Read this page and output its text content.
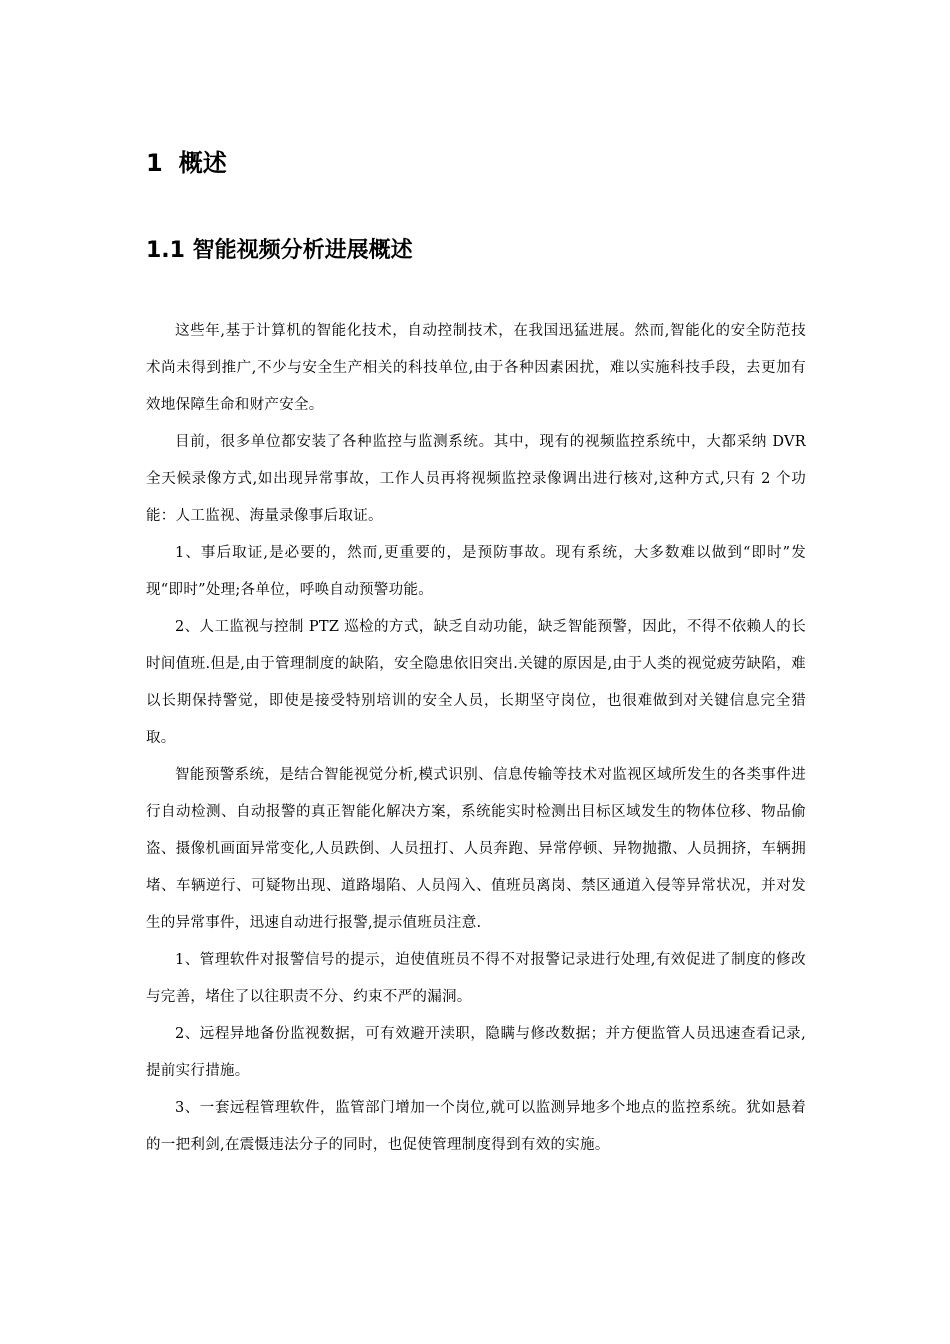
1 概述
1.1 智能视频分析进展概述

这些年,基于计算机的智能化技术，自动控制技术，在我国迅猛进展。然而,智能化的安全防范技术尚未得到推广,不少与安全生产相关的科技单位,由于各种因素困扰，难以实施科技手段，去更加有效地保障生命和财产安全。

目前，很多单位都安装了各种监控与监测系统。其中，现有的视频监控系统中，大都采纳 DVR 全天候录像方式,如出现异常事故，工作人员再将视频监控录像调出进行核对,这种方式,只有 2 个功能：人工监视、海量录像事后取证。

1、事后取证,是必要的，然而,更重要的，是预防事故。现有系统，大多数难以做到“即时”发现“即时”处理;各单位，呼唤自动预警功能。

2、人工监视与控制 PTZ 巡检的方式，缺乏自动功能，缺乏智能预警，因此，不得不依赖人的长时间值班.但是,由于管理制度的缺陷，安全隐患依旧突出.关键的原因是,由于人类的视觉疲劳缺陷，难以长期保持警觉，即使是接受特别培训的安全人员，长期坚守岗位，也很难做到对关键信息完全猎取。

智能预警系统，是结合智能视觉分析,模式识别、信息传输等技术对监视区域所发生的各类事件进行自动检测、自动报警的真正智能化解决方案，系统能实时检测出目标区域发生的物体位移、物品偷盗、摄像机画面异常变化,人员跌倒、人员扭打、人员奔跑、异常停顿、异物抛撒、人员拥挤，车辆拥堵、车辆逆行、可疑物出现、道路塌陷、人员闯入、值班员离岗、禁区通道入侵等异常状况，并对发生的异常事件，迅速自动进行报警,提示值班员注意.

1、管理软件对报警信号的提示，迫使值班员不得不对报警记录进行处理,有效促进了制度的修改与完善，堵住了以往职责不分、约束不严的漏洞。

2、远程异地备份监视数据，可有效避开渎职，隐瞒与修改数据；并方便监管人员迅速查看记录,提前实行措施。

3、一套远程管理软件，监管部门增加一个岗位,就可以监测异地多个地点的监控系统。犹如悬着的一把利剑,在震慑违法分子的同时，也促使管理制度得到有效的实施。
